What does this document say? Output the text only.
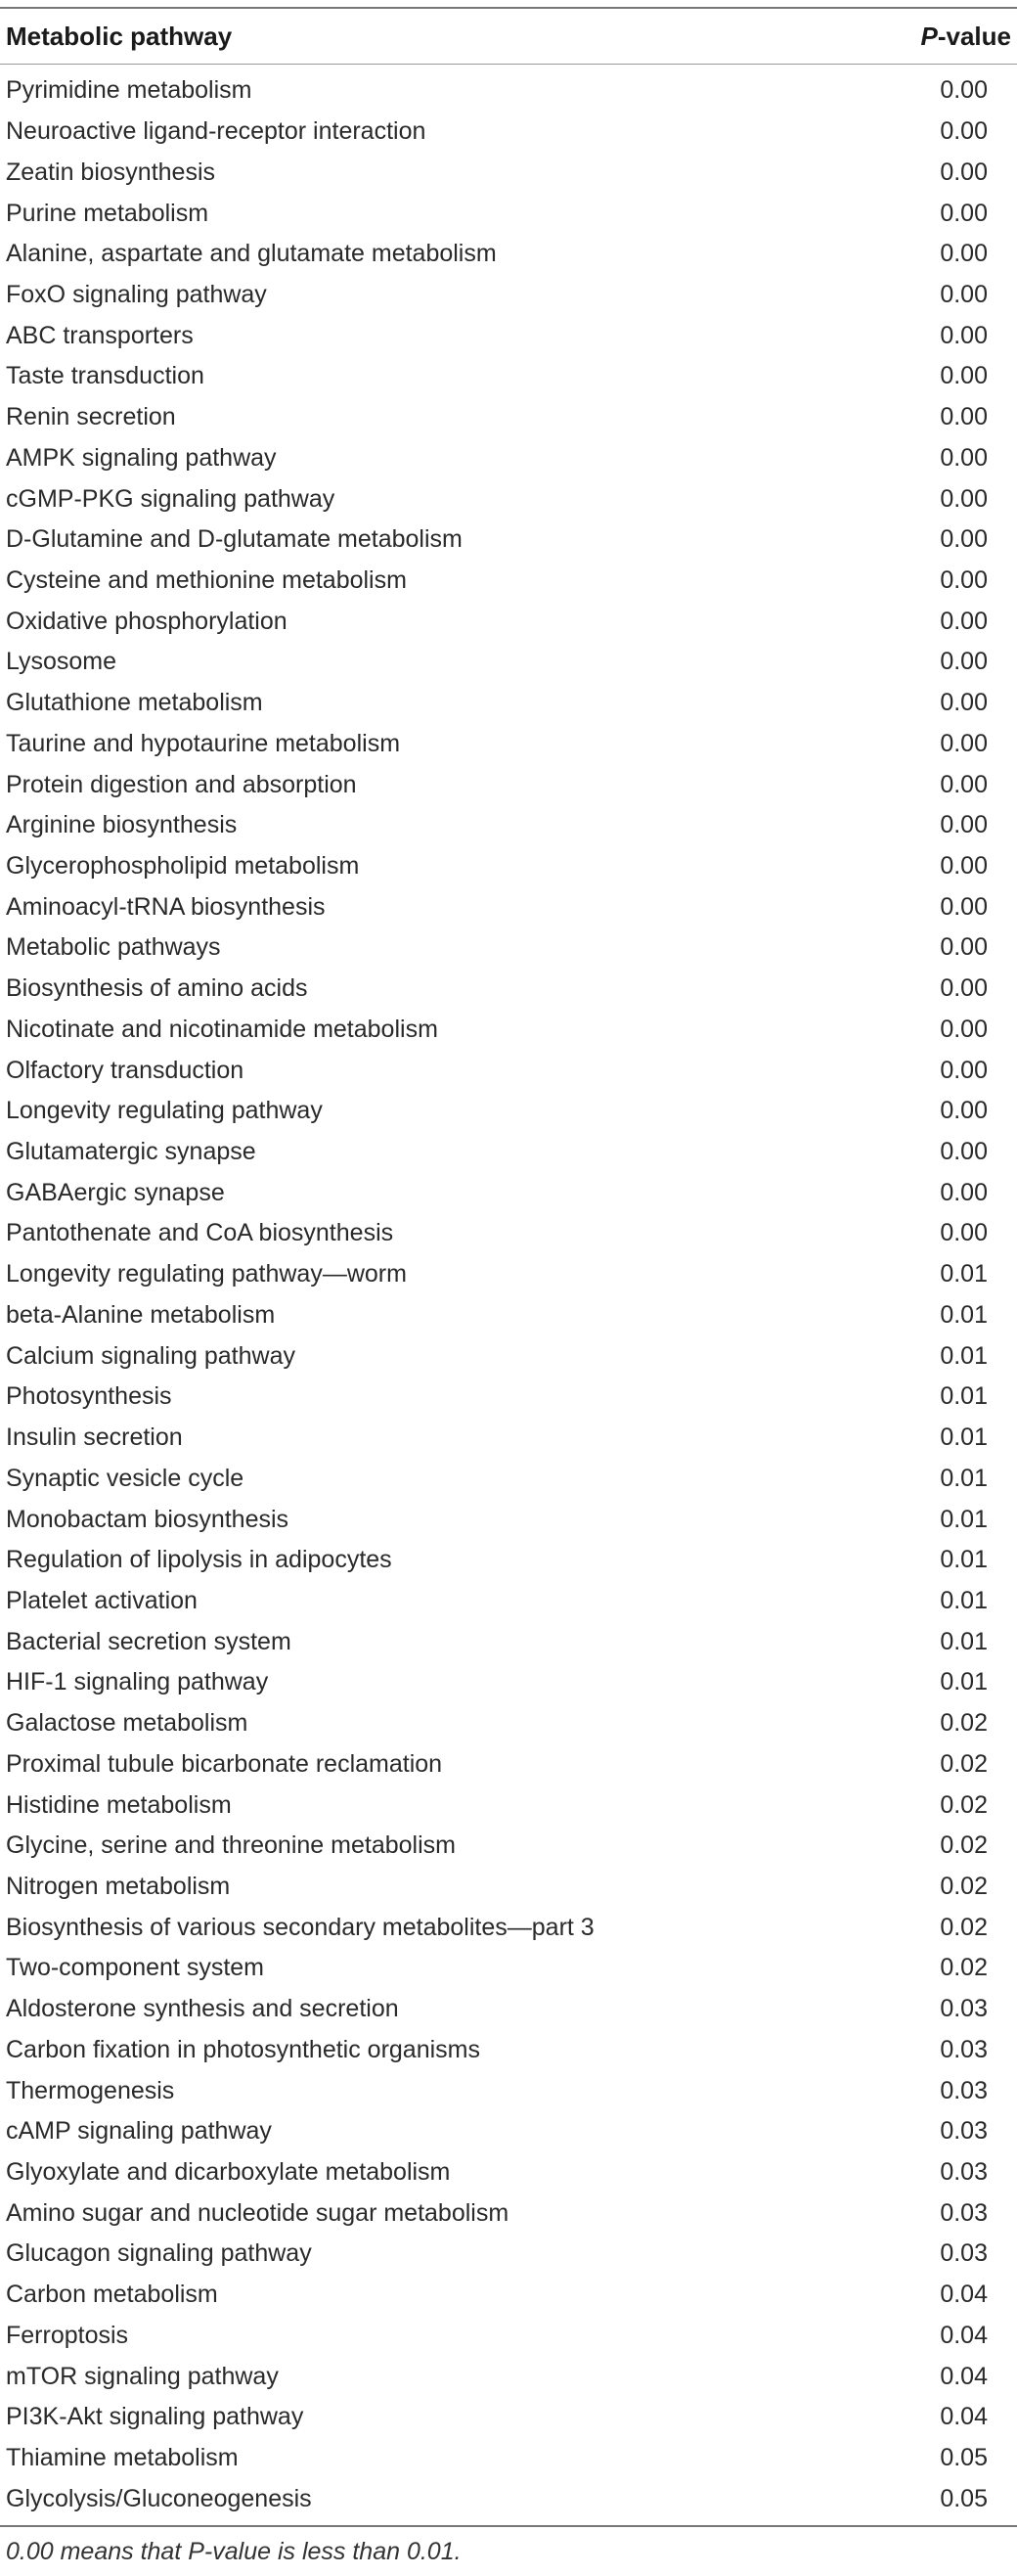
Metabolic pathway	P-value
Pyrimidine metabolism	0.00
Neuroactive ligand-receptor interaction	0.00
Zeatin biosynthesis	0.00
Purine metabolism	0.00
Alanine, aspartate and glutamate metabolism	0.00
FoxO signaling pathway	0.00
ABC transporters	0.00
Taste transduction	0.00
Renin secretion	0.00
AMPK signaling pathway	0.00
cGMP-PKG signaling pathway	0.00
D-Glutamine and D-glutamate metabolism	0.00
Cysteine and methionine metabolism	0.00
Oxidative phosphorylation	0.00
Lysosome	0.00
Glutathione metabolism	0.00
Taurine and hypotaurine metabolism	0.00
Protein digestion and absorption	0.00
Arginine biosynthesis	0.00
Glycerophospholipid metabolism	0.00
Aminoacyl-tRNA biosynthesis	0.00
Metabolic pathways	0.00
Biosynthesis of amino acids	0.00
Nicotinate and nicotinamide metabolism	0.00
Olfactory transduction	0.00
Longevity regulating pathway	0.00
Glutamatergic synapse	0.00
GABAergic synapse	0.00
Pantothenate and CoA biosynthesis	0.00
Longevity regulating pathway—worm	0.01
beta-Alanine metabolism	0.01
Calcium signaling pathway	0.01
Photosynthesis	0.01
Insulin secretion	0.01
Synaptic vesicle cycle	0.01
Monobactam biosynthesis	0.01
Regulation of lipolysis in adipocytes	0.01
Platelet activation	0.01
Bacterial secretion system	0.01
HIF-1 signaling pathway	0.01
Galactose metabolism	0.02
Proximal tubule bicarbonate reclamation	0.02
Histidine metabolism	0.02
Glycine, serine and threonine metabolism	0.02
Nitrogen metabolism	0.02
Biosynthesis of various secondary metabolites—part 3	0.02
Two-component system	0.02
Aldosterone synthesis and secretion	0.03
Carbon fixation in photosynthetic organisms	0.03
Thermogenesis	0.03
cAMP signaling pathway	0.03
Glyoxylate and dicarboxylate metabolism	0.03
Amino sugar and nucleotide sugar metabolism	0.03
Glucagon signaling pathway	0.03
Carbon metabolism	0.04
Ferroptosis	0.04
mTOR signaling pathway	0.04
PI3K-Akt signaling pathway	0.04
Thiamine metabolism	0.05
Glycolysis/Gluconeogenesis	0.05
0.00 means that P-value is less than 0.01.
